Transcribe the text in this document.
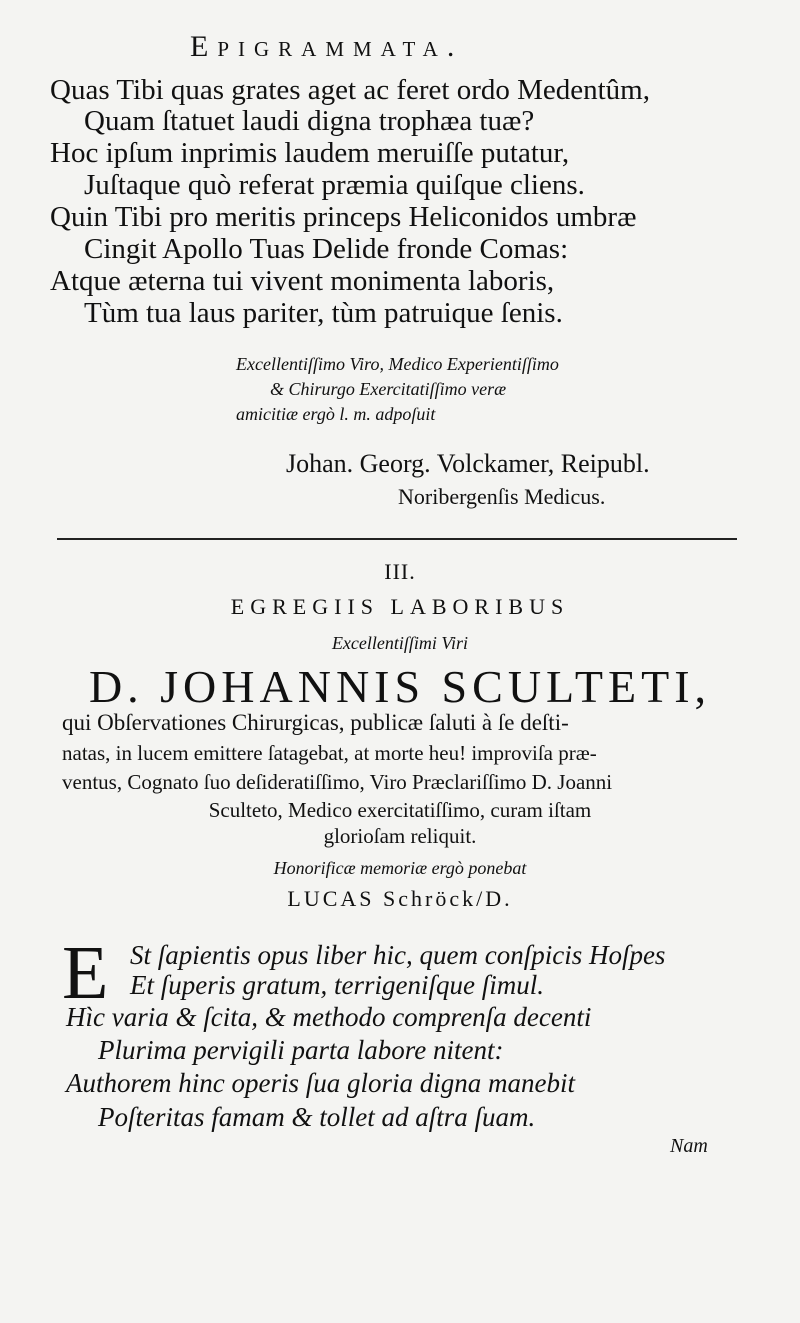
Epigrammata.
Quas Tibi quas grates aget ac feret ordo Medentûm,
Quam ſtatuet laudi digna trophæa tuæ?
Hoc ipſum inprimis laudem meruiſſe putatur,
Juſtaque quò referat præmia quiſque cliens.
Quin Tibi pro meritis princeps Heliconidos umbræ
Cingit Apollo Tuas Delide fronde Comas:
Atque æterna tui vivent monimenta laboris,
Tùm tua laus pariter, tùm patruique ſenis.
Excellentiſſimo Viro, Medico Experientiſſimo
& Chirurgo Exercitatiſſimo veræ
amicitiæ ergò l. m. adpoſuit
Johan. Georg. Volckamer, Reipubl.
Noribergenſis Medicus.
III.
EGREGIIS LABORIBUS
Excellentiſſimi Viri
D. JOHANNIS SCULTETI,
qui Obſervationes Chirurgicas, publicæ ſaluti à ſe deſti-
natas, in lucem emittere ſatagebat, at morte heu! improviſa præ-
ventus, Cognato ſuo deſideratiſſimo, Viro Præclariſſimo D. Joanni
Sculteto, Medico exercitatiſſimo, curam iſtam
glorioſam reliquit.
Honorificæ memoriæ ergò ponebat
LUCAS Schröck/D.
E St ſapientis opus liber hic, quem conſpicis Hoſpes
Et ſuperis gratum, terrigeniſque ſimul.
Hìc varia & ſcita, & methodo comprenſa decenti
Plurima pervigili parta labore nitent:
Authorem hinc operis ſua gloria digna manebit
Poſteritas famam & tollet ad aſtra ſuam.
Nam
